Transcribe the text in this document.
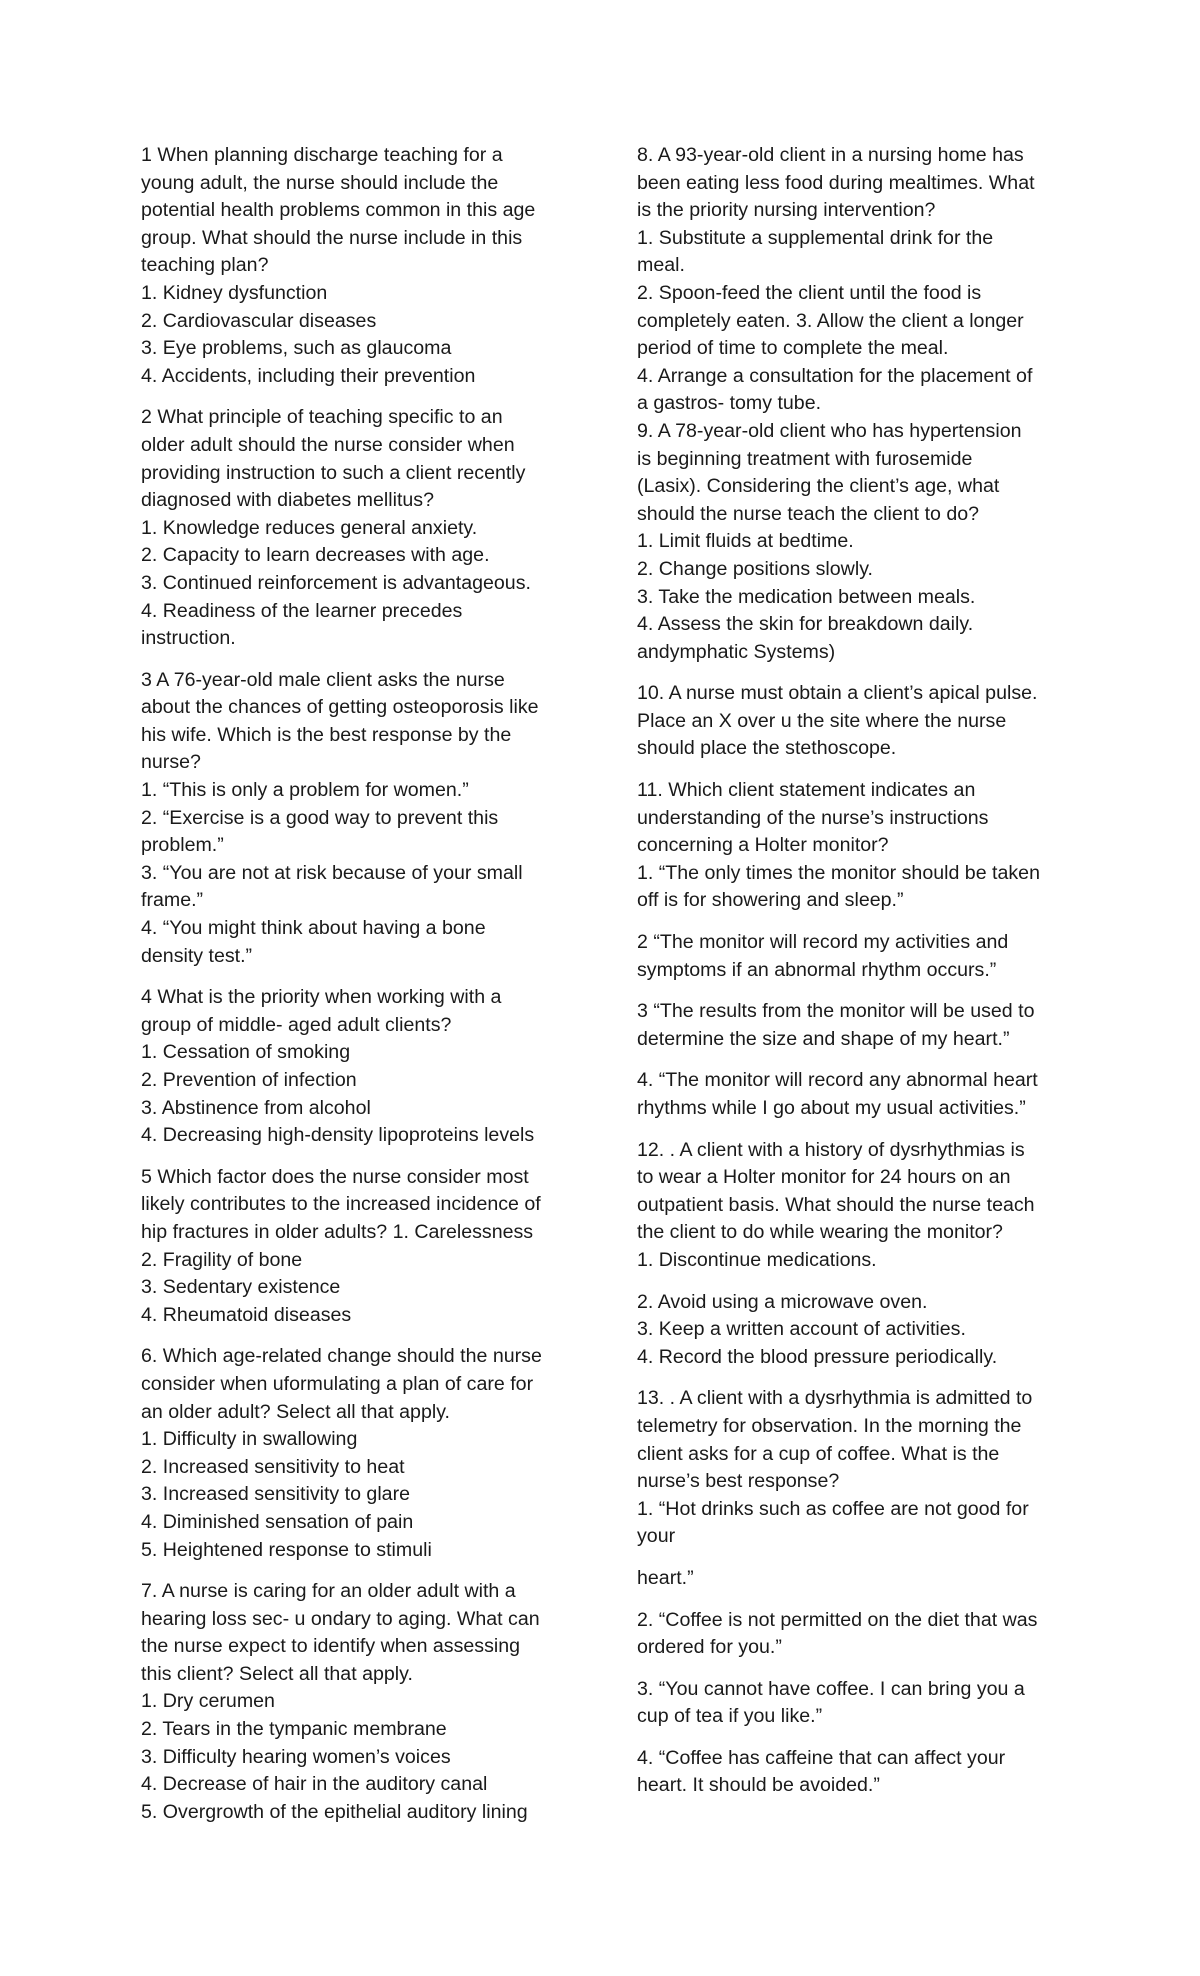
1 When planning discharge teaching for a
young adult, the nurse should include the
potential health problems common in this age
group. What should the nurse include in this
teaching plan?
1. Kidney dysfunction
2. Cardiovascular diseases
3. Eye problems, such as glaucoma
4. Accidents, including their prevention
2 What principle of teaching specific to an
older adult should the nurse consider when
providing instruction to such a client recently
diagnosed with diabetes mellitus?
1. Knowledge reduces general anxiety.
2. Capacity to learn decreases with age.
3. Continued reinforcement is advantageous.
4. Readiness of the learner precedes
instruction.
3 A 76-year-old male client asks the nurse
about the chances of getting osteoporosis like
his wife. Which is the best response by the
nurse?
1. “This is only a problem for women.”
2. “Exercise is a good way to prevent this
problem.”
3. “You are not at risk because of your small
frame.”
4. “You might think about having a bone
density test.”
4 What is the priority when working with a
group of middle- aged adult clients?
1. Cessation of smoking
2. Prevention of infection
3. Abstinence from alcohol
4. Decreasing high-density lipoproteins levels
5 Which factor does the nurse consider most
likely contributes to the increased incidence of
hip fractures in older adults? 1. Carelessness
2. Fragility of bone
3. Sedentary existence
4. Rheumatoid diseases
6. Which age-related change should the nurse
consider when uformulating a plan of care for
an older adult? Select all that apply.
1. Difficulty in swallowing
2. Increased sensitivity to heat
3. Increased sensitivity to glare
4. Diminished sensation of pain
5. Heightened response to stimuli
7. A nurse is caring for an older adult with a
hearing loss sec- u ondary to aging. What can
the nurse expect to identify when assessing
this client? Select all that apply.
1. Dry cerumen
2. Tears in the tympanic membrane
3. Difficulty hearing women’s voices
4. Decrease of hair in the auditory canal
5. Overgrowth of the epithelial auditory lining
8. A 93-year-old client in a nursing home has
been eating less food during mealtimes. What
is the priority nursing intervention?
1. Substitute a supplemental drink for the
meal.
2. Spoon-feed the client until the food is
completely eaten. 3. Allow the client a longer
period of time to complete the meal.
4. Arrange a consultation for the placement of
a gastros- tomy tube.
9. A 78-year-old client who has hypertension
is beginning treatment with furosemide
(Lasix). Considering the client’s age, what
should the nurse teach the client to do?
1. Limit fluids at bedtime.
2. Change positions slowly.
3. Take the medication between meals.
4. Assess the skin for breakdown daily.
andymphatic Systems)
10. A nurse must obtain a client’s apical pulse.
Place an X over u the site where the nurse
should place the stethoscope.
11. Which client statement indicates an
understanding of the nurse’s instructions
concerning a Holter monitor?
1. “The only times the monitor should be taken
off is for showering and sleep.”
2 “The monitor will record my activities and
symptoms if an abnormal rhythm occurs.”
3 “The results from the monitor will be used to
determine the size and shape of my heart.”
4. “The monitor will record any abnormal heart
rhythms while I go about my usual activities.”
12. . A client with a history of dysrhythmias is
to wear a Holter monitor for 24 hours on an
outpatient basis. What should the nurse teach
the client to do while wearing the monitor?
1. Discontinue medications.
2. Avoid using a microwave oven.
3. Keep a written account of activities.
4. Record the blood pressure periodically.
13. . A client with a dysrhythmia is admitted to
telemetry for observation. In the morning the
client asks for a cup of coffee. What is the
nurse’s best response?
1. “Hot drinks such as coffee are not good for
your
heart.”
2. “Coffee is not permitted on the diet that was
ordered for you.”
3. “You cannot have coffee. I can bring you a
cup of tea if you like.”
4. “Coffee has caffeine that can affect your
heart. It should be avoided.”
